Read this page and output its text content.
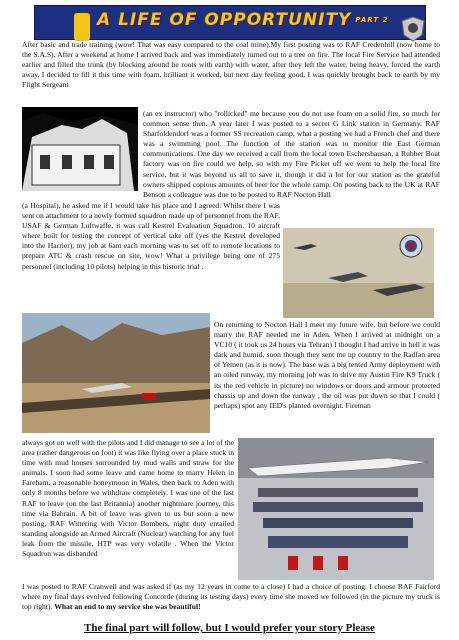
A LIFE OF OPPORTUNITY PART 2

After basic and trade training (wow! That was easy compared to the coal mine).My first posting was to RAF Credenhill (now home to the S.A.S), After a weekend at home I arrived back and was immediately turned out to a tree on fire. The local Fire Service had attended earlier and filled the trunk (by blocking around he roots with earth) with water, after they left the water, being heavy, forced the earth away, I decided to fill it this time with foam, brilliant it worked, but next day feeling good, I was quickly brought back to earth by my Flight Sergeant

(an ex instructor) who "rollicked" me because you do not use foam on a solid fire, so much for common sense then. A year later I was posted to a secret G Link station in Germany. RAF Sharfoldendorf was a former SS recreation camp, what a posting we had a French chef and there was a swimming pool. The function of the station was to monitor the East German communications. One day we received a call from the local town Eschershausan, a Rubber Boat factory was on fire could we help, so with my Fire Picket off we went to help the local fire service, but it was beyond us all to save it, though it did a lot for our station as the grateful owners shipped copious amounts of beer for the whole camp. On posting back to the UK at RAF Benson a colleague was due to be posted to RAF Nocton Hall

(a Hospital), he asked me if I would take his place and I agreed. Whilst there I was sent on attachment to a newly formed squadron made up of personnel from the RAF, USAF & German Luftwaffe, it was call Kestrel Evaluation Squadron. 10 aircraft where built for testing the concept of vertical take off (yes the Kestrel developed into the Harrier), my job at 6am each morning was to set off to remote locations to prepare ATC & crash rescue on site, wow! What a privilege being one of 275 personnel (including 10 pilots) helping in this historic trial .

On returning to Nocton Hall I meet my future wife, but before we could marry the RAF needed me in Aden. When I arrived at midnight on a VC10 ( it took us 24 hours via Tehran) I thought I had arrive in hell it was dark and humid, soon though they sent me up country to the Radfan area of Yemen (as it is now). The base was a big tented Army deployment with an oiled runway, my morning job was to drive my Austin Fire K9 Truck ( its the red vehicle in picture) no windows or doors and armour protected chassis up and down the runway , the oil was put down so that I could ( perhaps) spot any IED's planted overnight. Fireman

always got on well with the pilots and I did manage to see a lot of the area (rather dangerous on foot) it was like flying over a place stuck in time with mud houses surrounded by mud walls and straw for the animals. I soon had some leave and came home to marry Helen in Fareham, a reasonable honeymoon in Wales, then back to Aden with only 8 months before we withdraw completely. I was one of the last RAF to leave (on the last Britannia) another nightmare journey, this time via Bahrain. A bit of leave was given to us but soon a new posting, RAF Wittering with Victor Bombers, night duty entailed standing alongside an Armed Aircraft (Nuclear) watching for any fuel leak from the missile, HTP was very volatile . When the Victor Squadron was disbanded

I was posted to RAF Cranwell and was asked if (as my 12 years in come to a close) I had a choice of posting. I choose RAF Fairford where my final days evolved following Concorde (during its testing days) every time she moved we followed (in the picture my truck is top right). What an end to my service she was beautiful!

The final part will follow, but I would prefer your story Please
